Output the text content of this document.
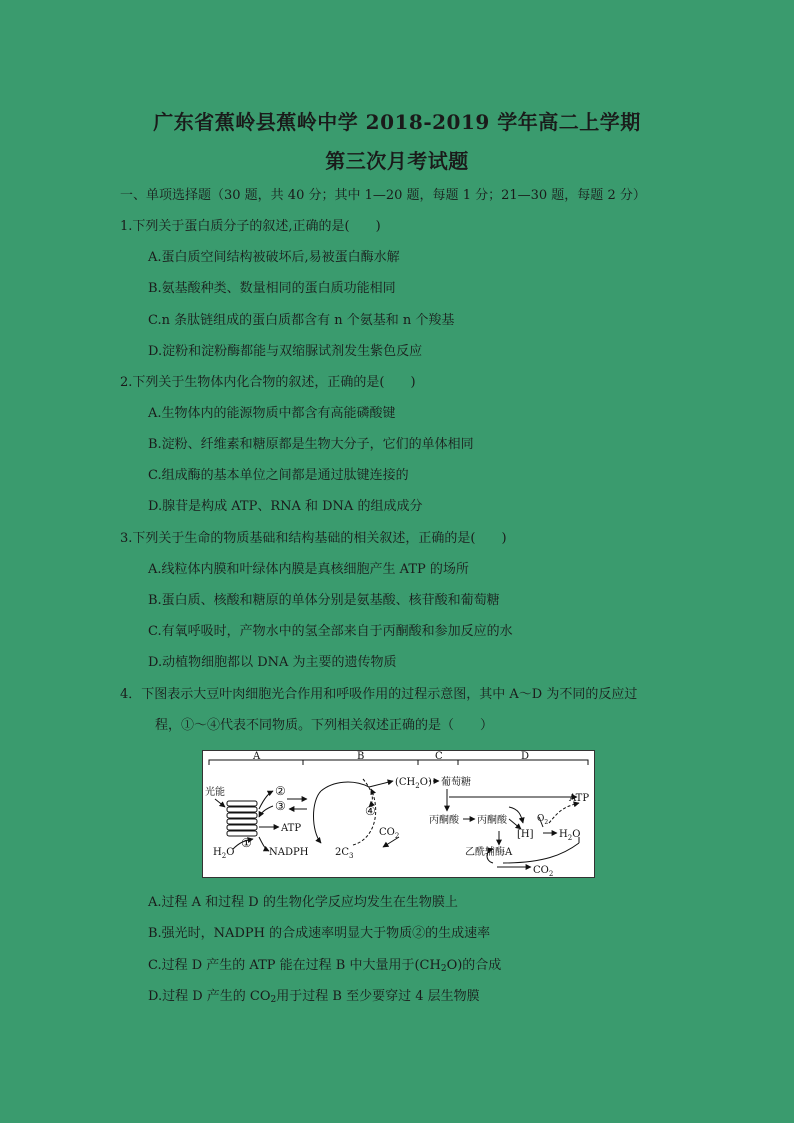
广东省蕉岭县蕉岭中学 2018-2019 学年高二上学期
第三次月考试题
一、单项选择题（30 题，共 40 分；其中 1—20 题，每题 1 分；21—30 题，每题 2 分）
1.下列关于蛋白质分子的叙述,正确的是(　　)
A.蛋白质空间结构被破坏后,易被蛋白酶水解
B.氨基酸种类、数量相同的蛋白质功能相同
C.n 条肽链组成的蛋白质都含有 n 个氨基和 n 个羧基
D.淀粉和淀粉酶都能与双缩脲试剂发生紫色反应
2.下列关于生物体内化合物的叙述，正确的是(　　)
A.生物体内的能源物质中都含有高能磷酸键
B.淀粉、纤维素和糖原都是生物大分子，它们的单体相同
C.组成酶的基本单位之间都是通过肽键连接的
D.腺苷是构成 ATP、RNA 和 DNA 的组成成分
3.下列关于生命的物质基础和结构基础的相关叙述，正确的是(　　)
A.线粒体内膜和叶绿体内膜是真核细胞产生 ATP 的场所
B.蛋白质、核酸和糖原的单体分别是氨基酸、核苷酸和葡萄糖
C.有氧呼吸时，产物水中的氢全部来自于丙酮酸和参加反应的水
D.动植物细胞都以 DNA 为主要的遗传物质
4．下图表示大豆叶肉细胞光合作用和呼吸作用的过程示意图，其中 A～D 为不同的反应过
程，①～④代表不同物质。下列相关叙述正确的是（　　）
A	B	C	D
光能	②
③
ATP
①
$H_2O$	NADPH
④
$2C_3$
$CO_2$
$(CH_2O)$ 葡萄糖
丙酮酸 丙酮酸
[H]
$O_2$
$H_2O$
ATP
乙酰辅酶A
$CO_2$
A.过程 A 和过程 D 的生物化学反应均发生在生物膜上
B.强光时，NADPH 的合成速率明显大于物质②的生成速率
C.过程 D 产生的 ATP 能在过程 B 中大量用于$(CH_2O)$的合成
D.过程 D 产生的 $CO_2$用于过程 B 至少要穿过 4 层生物膜
